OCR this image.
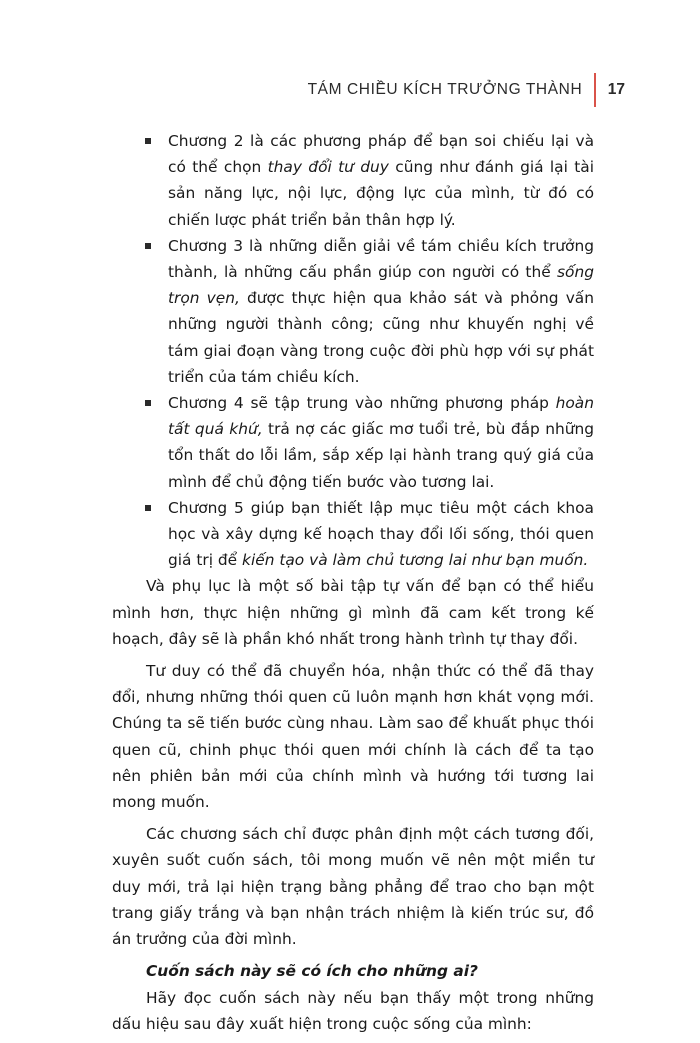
TÁM CHIỀU KÍCH TRƯỞNG THÀNH	17
Chương 2 là các phương pháp để bạn soi chiếu lại và có thể chọn thay đổi tư duy cũng như đánh giá lại tài sản năng lực, nội lực, động lực của mình, từ đó có chiến lược phát triển bản thân hợp lý.
Chương 3 là những diễn giải về tám chiều kích trưởng thành, là những cấu phần giúp con người có thể sống trọn vẹn, được thực hiện qua khảo sát và phỏng vấn những người thành công; cũng như khuyến nghị về tám giai đoạn vàng trong cuộc đời phù hợp với sự phát triển của tám chiều kích.
Chương 4 sẽ tập trung vào những phương pháp hoàn tất quá khứ, trả nợ các giấc mơ tuổi trẻ, bù đắp những tổn thất do lỗi lầm, sắp xếp lại hành trang quý giá của mình để chủ động tiến bước vào tương lai.
Chương 5 giúp bạn thiết lập mục tiêu một cách khoa học và xây dựng kế hoạch thay đổi lối sống, thói quen giá trị để kiến tạo và làm chủ tương lai như bạn muốn.

Và phụ lục là một số bài tập tự vấn để bạn có thể hiểu mình hơn, thực hiện những gì mình đã cam kết trong kế hoạch, đây sẽ là phần khó nhất trong hành trình tự thay đổi.

Tư duy có thể đã chuyển hóa, nhận thức có thể đã thay đổi, nhưng những thói quen cũ luôn mạnh hơn khát vọng mới. Chúng ta sẽ tiến bước cùng nhau. Làm sao để khuất phục thói quen cũ, chinh phục thói quen mới chính là cách để ta tạo nên phiên bản mới của chính mình và hướng tới tương lai mong muốn.

Các chương sách chỉ được phân định một cách tương đối, xuyên suốt cuốn sách, tôi mong muốn vẽ nên một miền tư duy mới, trả lại hiện trạng bằng phẳng để trao cho bạn một trang giấy trắng và bạn nhận trách nhiệm là kiến trúc sư, đồ án trưởng của đời mình.

Cuốn sách này sẽ có ích cho những ai?

Hãy đọc cuốn sách này nếu bạn thấy một trong những dấu hiệu sau đây xuất hiện trong cuộc sống của mình:
